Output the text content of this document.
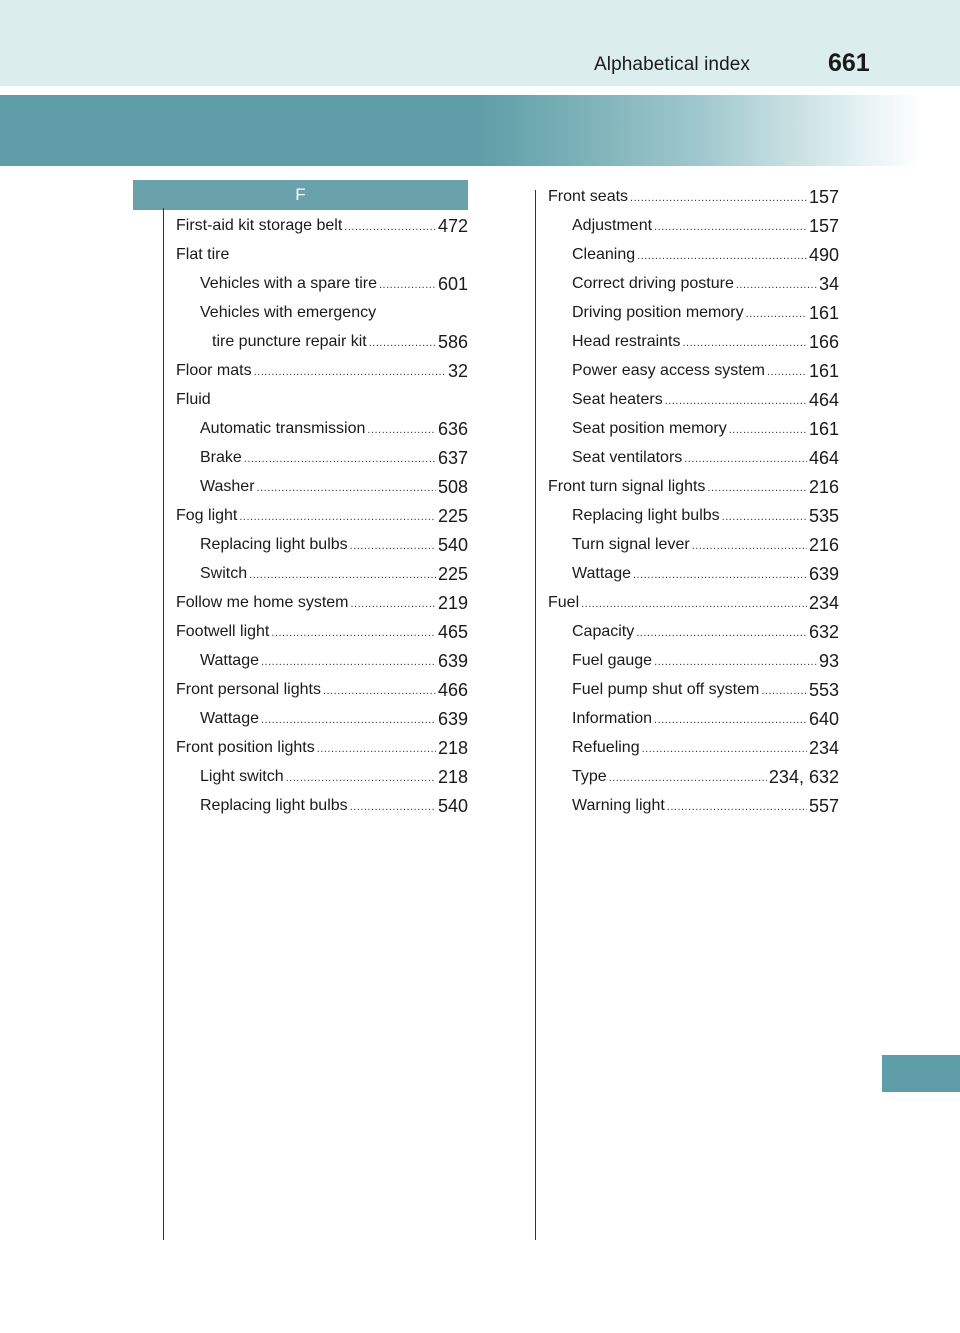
Alphabetical index	661
F
First-aid kit storage belt .....	472
Flat tire
Vehicles with a spare tire .....	601
Vehicles with emergency
tire puncture repair kit .....	586
Floor mats .....	32
Fluid
Automatic transmission .....	636
Brake .....	637
Washer .....	508
Fog light .....	225
Replacing light bulbs .....	540
Switch .....	225
Follow me home system .....	219
Footwell light .....	465
Wattage .....	639
Front personal lights .....	466
Wattage .....	639
Front position lights .....	218
Light switch .....	218
Replacing light bulbs .....	540
Front seats .....	157
Adjustment .....	157
Cleaning .....	490
Correct driving posture .....	34
Driving position memory .....	161
Head restraints .....	166
Power easy access system ..... 161
Seat heaters .....	464
Seat position memory .....	161
Seat ventilators .....	464
Front turn signal lights .....	216
Replacing light bulbs .....	535
Turn signal lever .....	216
Wattage .....	639
Fuel .....	234
Capacity .....	632
Fuel gauge .....	93
Fuel pump shut off system .....	553
Information .....	640
Refueling .....	234
Type .....	234, 632
Warning light .....	557
